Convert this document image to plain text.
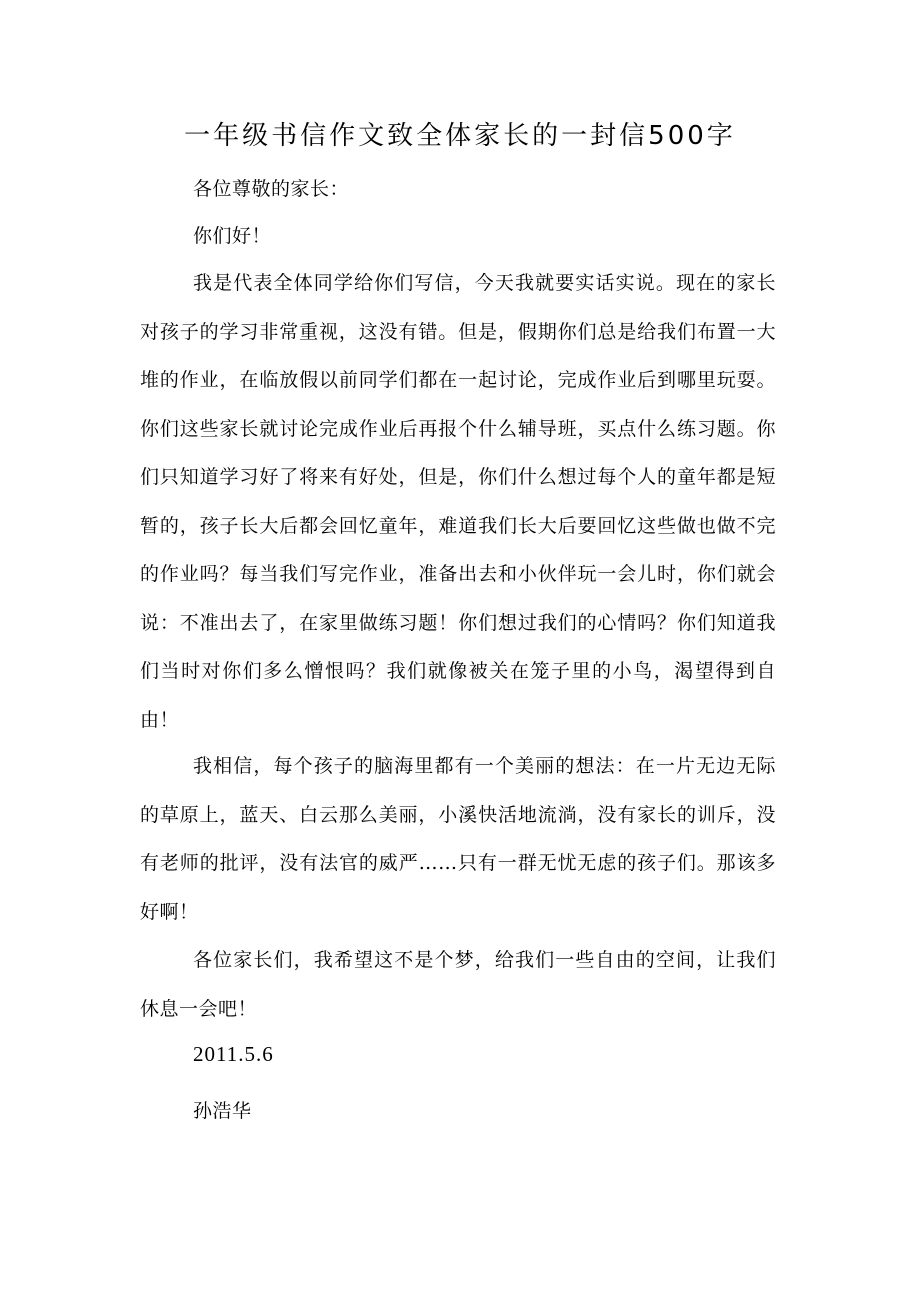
一年级书信作文致全体家长的一封信500字
各位尊敬的家长：
你们好！

我是代表全体同学给你们写信，今天我就要实话实说。现在的家长对孩子的学习非常重视，这没有错。但是，假期你们总是给我们布置一大堆的作业，在临放假以前同学们都在一起讨论，完成作业后到哪里玩耍。你们这些家长就讨论完成作业后再报个什么辅导班，买点什么练习题。你们只知道学习好了将来有好处，但是，你们什么想过每个人的童年都是短暂的，孩子长大后都会回忆童年，难道我们长大后要回忆这些做也做不完的作业吗？每当我们写完作业，准备出去和小伙伴玩一会儿时，你们就会说：不准出去了，在家里做练习题！你们想过我们的心情吗？你们知道我们当时对你们多么憎恨吗？我们就像被关在笼子里的小鸟，渴望得到自由！

我相信，每个孩子的脑海里都有一个美丽的想法：在一片无边无际的草原上，蓝天、白云那么美丽，小溪快活地流淌，没有家长的训斥，没有老师的批评，没有法官的威严……只有一群无忧无虑的孩子们。那该多好啊！

各位家长们，我希望这不是个梦，给我们一些自由的空间，让我们休息一会吧！

2011.5.6
孙浩华
